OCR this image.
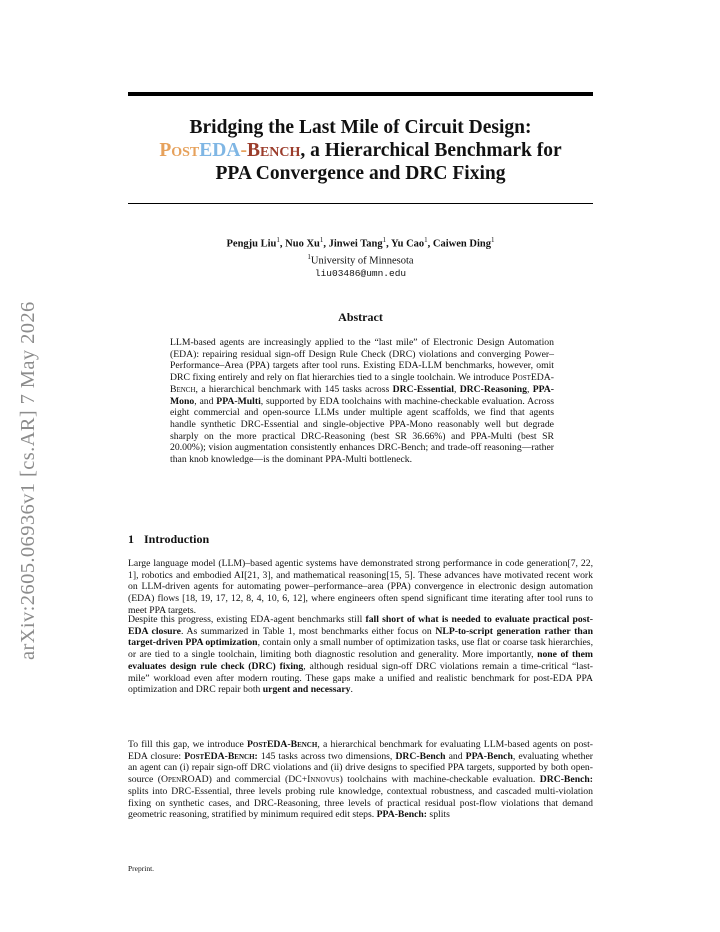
arXiv:2605.06936v1 [cs.AR] 7 May 2026
Bridging the Last Mile of Circuit Design:
PostEDA-Bench, a Hierarchical Benchmark for
PPA Convergence and DRC Fixing
Pengju Liu$^1$, Nuo Xu$^1$, Jinwei Tang$^1$, Yu Cao$^1$, Caiwen Ding$^1$
$^1$University of Minnesota
liu03486@umn.edu
Abstract
LLM-based agents are increasingly applied to the “last mile” of Electronic Design Automation (EDA): repairing residual sign-off Design Rule Check (DRC) violations and converging Power–Performance–Area (PPA) targets after tool runs. Existing EDA-LLM benchmarks, however, omit DRC fixing entirely and rely on flat hierarchies tied to a single toolchain. We introduce PostEDA-Bench, a hierarchical benchmark with 145 tasks across DRC-Essential, DRC-Reasoning, PPA-Mono, and PPA-Multi, supported by EDA toolchains with machine-checkable evaluation. Across eight commercial and open-source LLMs under multiple agent scaffolds, we find that agents handle synthetic DRC-Essential and single-objective PPA-Mono reasonably well but degrade sharply on the more practical DRC-Reasoning (best SR 36.66%) and PPA-Multi (best SR 20.00%); vision augmentation consistently enhances DRC-Bench; and trade-off reasoning—rather than knob knowledge—is the dominant PPA-Multi bottleneck.
1 Introduction
Large language model (LLM)–based agentic systems have demonstrated strong performance in code generation[7, 22, 1], robotics and embodied AI[21, 3], and mathematical reasoning[15, 5]. These advances have motivated recent work on LLM-driven agents for automating power–performance–area (PPA) convergence in electronic design automation (EDA) flows [18, 19, 17, 12, 8, 4, 10, 6, 12], where engineers often spend significant time iterating after tool runs to meet PPA targets.
Despite this progress, existing EDA-agent benchmarks still fall short of what is needed to evaluate practical post-EDA closure. As summarized in Table 1, most benchmarks either focus on NLP-to-script generation rather than target-driven PPA optimization, contain only a small number of optimization tasks, use flat or coarse task hierarchies, or are tied to a single toolchain, limiting both diagnostic resolution and generality. More importantly, none of them evaluates design rule check (DRC) fixing, although residual sign-off DRC violations remain a time-critical “last-mile” workload even after modern routing. These gaps make a unified and realistic benchmark for post-EDA PPA optimization and DRC repair both urgent and necessary.
To fill this gap, we introduce PostEDA-Bench, a hierarchical benchmark for evaluating LLM-based agents on post-EDA closure: PostEDA-Bench: 145 tasks across two dimensions, DRC-Bench and PPA-Bench, evaluating whether an agent can (i) repair sign-off DRC violations and (ii) drive designs to specified PPA targets, supported by both open-source (OpenROAD) and commercial (DC+Innovus) toolchains with machine-checkable evaluation. DRC-Bench: splits into DRC-Essential, three levels probing rule knowledge, contextual robustness, and cascaded multi-violation fixing on synthetic cases, and DRC-Reasoning, three levels of practical residual post-flow violations that demand geometric reasoning, stratified by minimum required edit steps. PPA-Bench: splits
Preprint.
